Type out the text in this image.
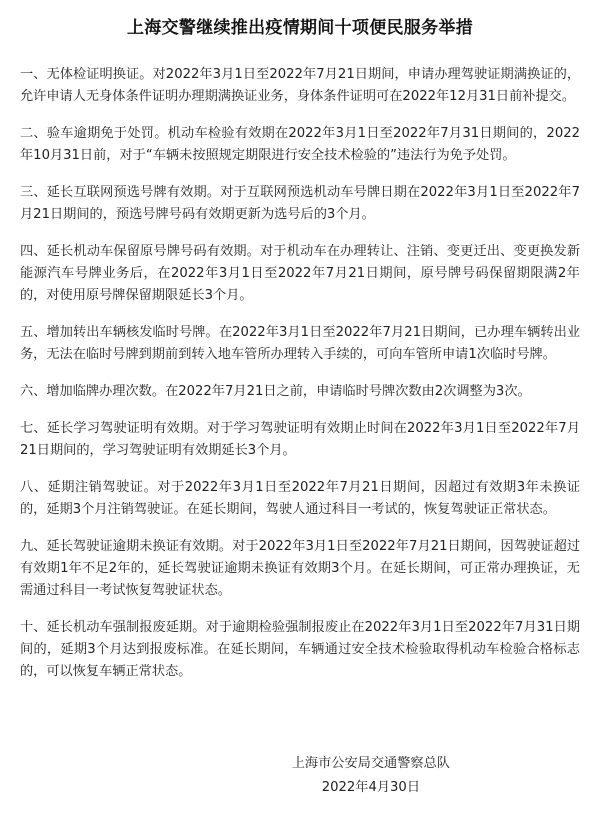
上海交警继续推出疫情期间十项便民服务举措

一、无体检证明换证。对2022年3月1日至2022年7月21日期间，申请办理驾驶证期满换证的，允许申请人无身体条件证明办理期满换证业务，身体条件证明可在2022年12月31日前补提交。

二、验车逾期免于处罚。机动车检验有效期在2022年3月1日至2022年7月31日期间的，2022年10月31日前，对于“车辆未按照规定期限进行安全技术检验的”违法行为免予处罚。

三、延长互联网预选号牌有效期。对于互联网预选机动车号牌日期在2022年3月1日至2022年7月21日期间的，预选号牌号码有效期更新为选号后的3个月。

四、延长机动车保留原号牌号码有效期。对于机动车在办理转让、注销、变更迁出、变更换发新能源汽车号牌业务后，在2022年3月1日至2022年7月21日期间，原号牌号码保留期限满2年的，对使用原号牌保留期限延长3个月。

五、增加转出车辆核发临时号牌。在2022年3月1日至2022年7月21日期间，已办理车辆转出业务，无法在临时号牌到期前到转入地车管所办理转入手续的，可向车管所申请1次临时号牌。

六、增加临牌办理次数。在2022年7月21日之前，申请临时号牌次数由2次调整为3次。

七、延长学习驾驶证明有效期。对于学习驾驶证明有效期止时间在2022年3月1日至2022年7月21日期间的，学习驾驶证明有效期延长3个月。

八、延期注销驾驶证。对于2022年3月1日至2022年7月21日期间，因超过有效期3年未换证的，延期3个月注销驾驶证。在延长期间，驾驶人通过科目一考试的，恢复驾驶证正常状态。

九、延长驾驶证逾期未换证有效期。对于2022年3月1日至2022年7月21日期间，因驾驶证超过有效期1年不足2年的，延长驾驶证逾期未换证有效期3个月。在延长期间，可正常办理换证，无需通过科目一考试恢复驾驶证状态。

十、延长机动车强制报废延期。对于逾期检验强制报废止在2022年3月1日至2022年7月31日期间的，延期3个月达到报废标准。在延长期间，车辆通过安全技术检验取得机动车检验合格标志的，可以恢复车辆正常状态。

上海市公安局交通警察总队
2022年4月30日
